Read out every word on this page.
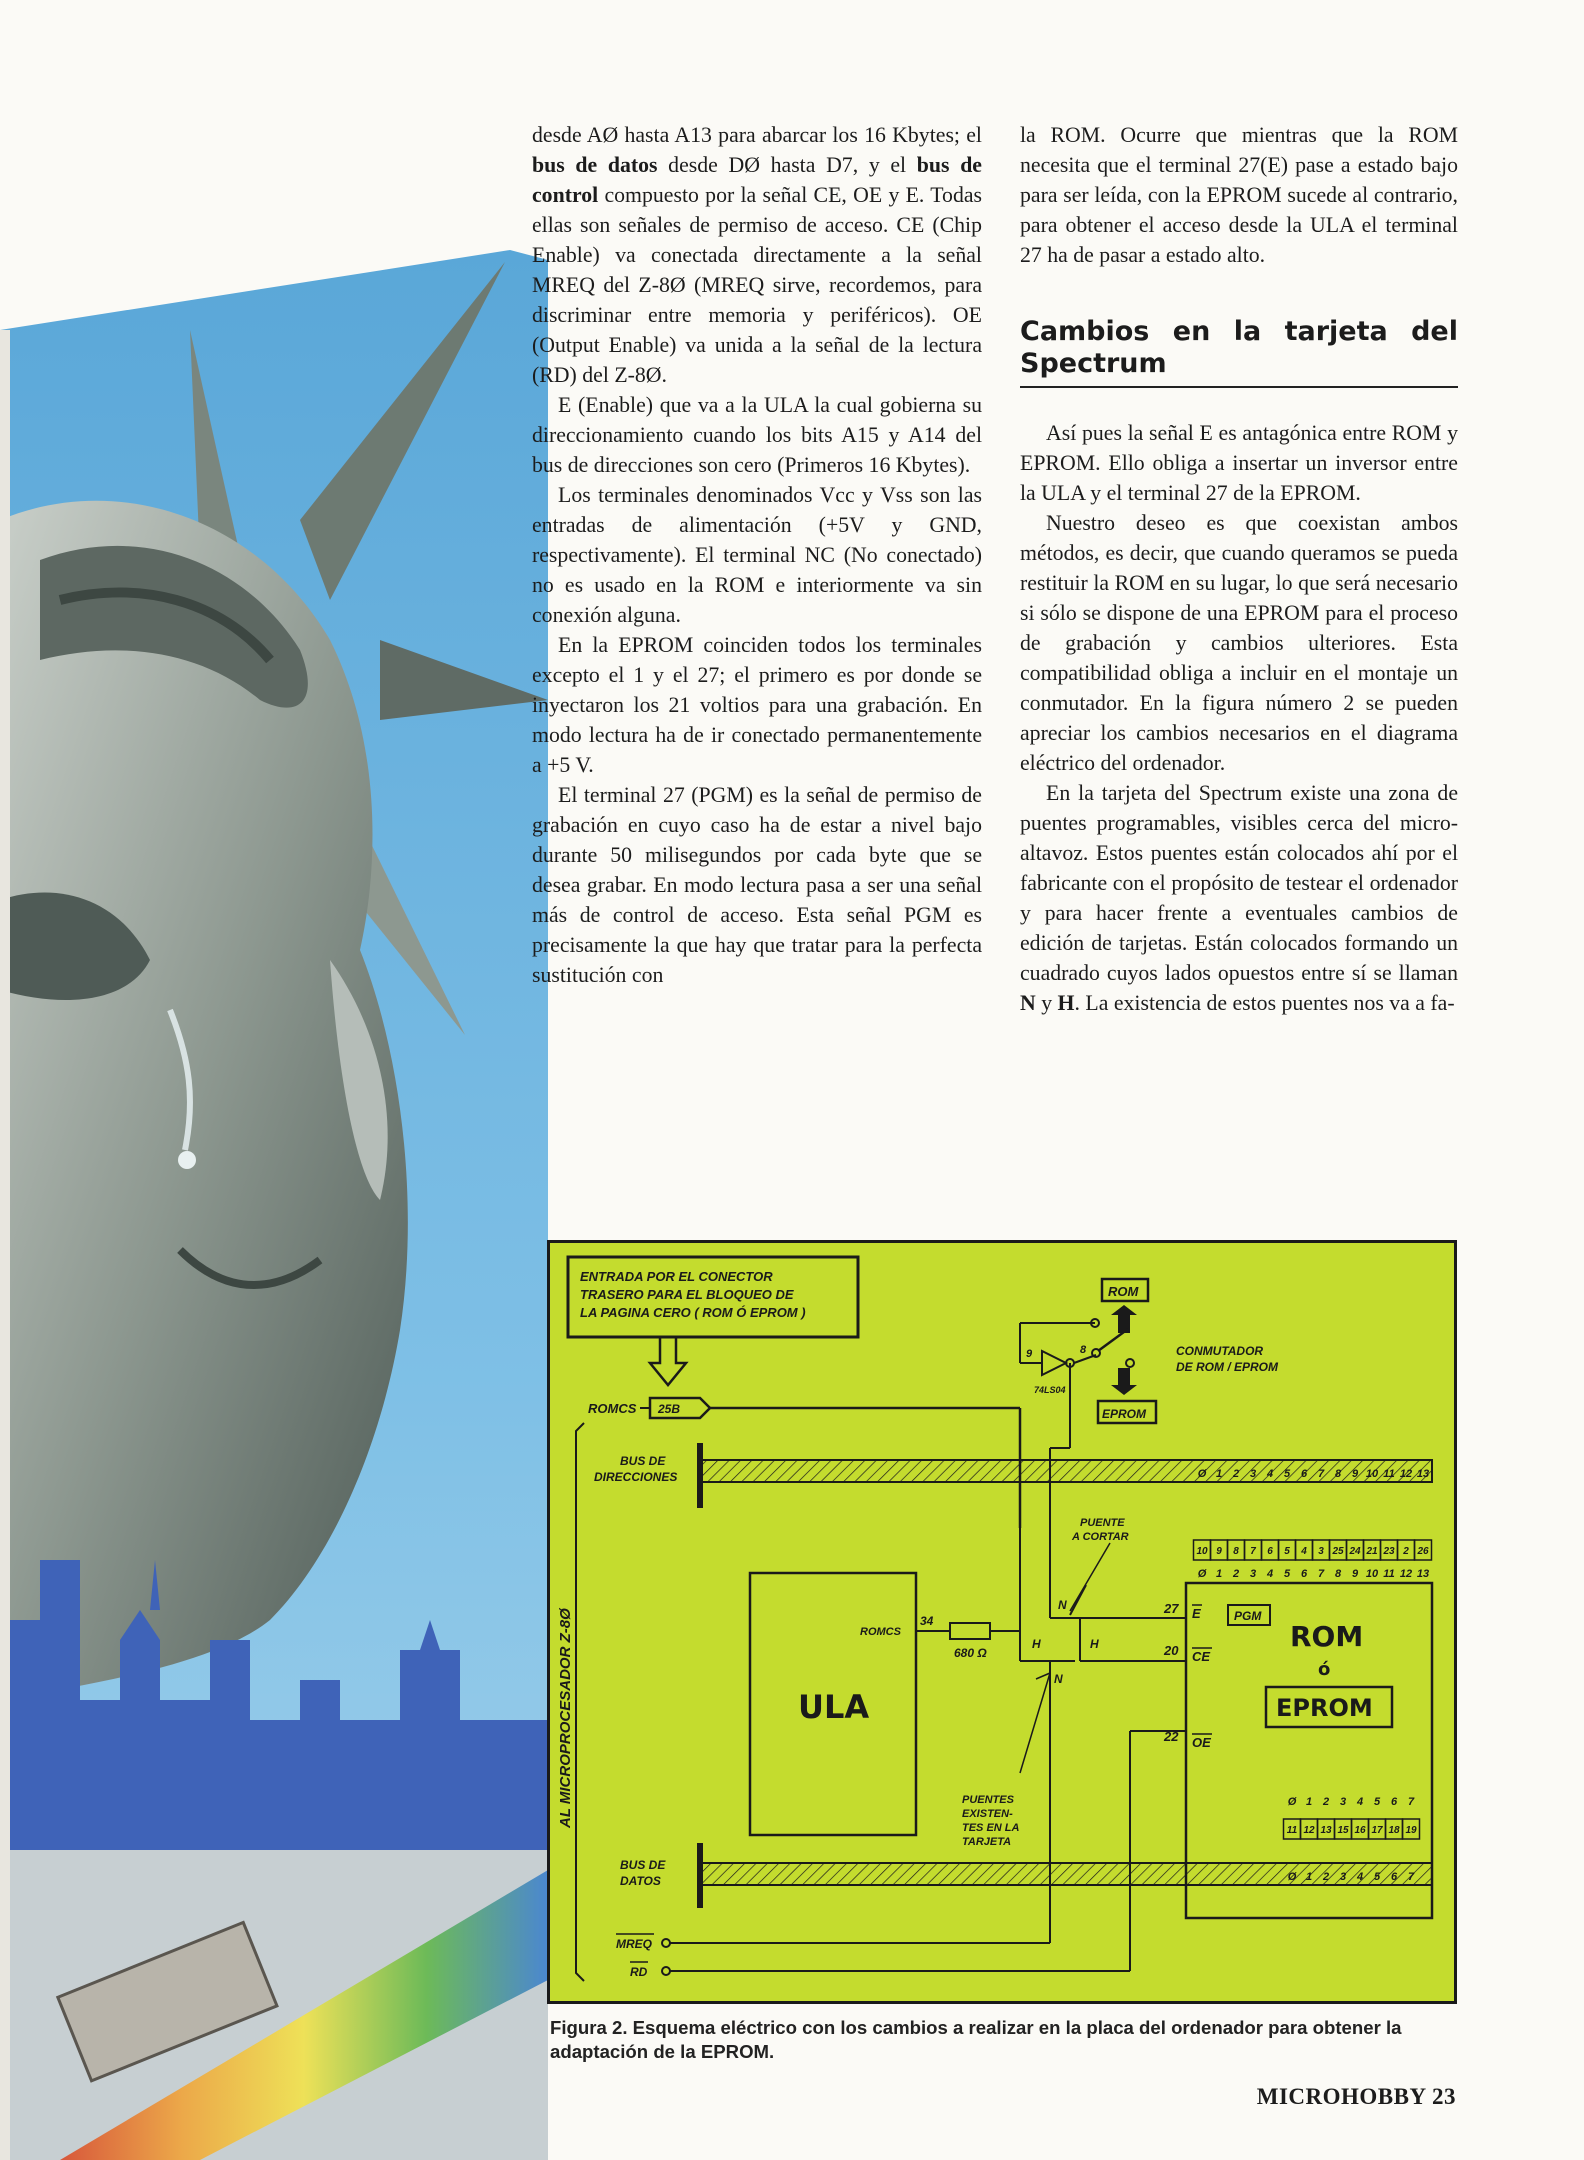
desde AØ hasta A13 para abarcar los 16 Kbytes; el bus de datos desde DØ hasta D7, y el bus de control compuesto por la señal CE, OE y E. Todas ellas son señales de permiso de acceso. CE (Chip Enable) va conectada directamente a la señal MREQ del Z-8Ø (MREQ sirve, recordemos, para discriminar entre memoria y periféricos). OE (Output Enable) va unida a la señal de la lectura (RD) del Z-8Ø.

E (Enable) que va a la ULA la cual gobierna su direccionamiento cuando los bits A15 y A14 del bus de direcciones son cero (Primeros 16 Kbytes).

Los terminales denominados Vcc y Vss son las entradas de alimentación (+5V y GND, respectivamente). El terminal NC (No conectado) no es usado en la ROM e interiormente va sin conexión alguna.

En la EPROM coinciden todos los terminales excepto el 1 y el 27; el primero es por donde se inyectaron los 21 voltios para una grabación. En modo lectura ha de ir conectado permanentemente a +5 V.

El terminal 27 (PGM) es la señal de permiso de grabación en cuyo caso ha de estar a nivel bajo durante 50 milisegundos por cada byte que se desea grabar. En modo lectura pasa a ser una señal más de control de acceso. Esta señal PGM es precisamente la que hay que tratar para la perfecta sustitución con

la ROM. Ocurre que mientras que la ROM necesita que el terminal 27(E) pase a estado bajo para ser leída, con la EPROM sucede al contrario, para obtener el acceso desde la ULA el terminal 27 ha de pasar a estado alto.

Cambios en la tarjeta del Spectrum

Así pues la señal E es antagónica entre ROM y EPROM. Ello obliga a insertar un inversor entre la ULA y el terminal 27 de la EPROM.

Nuestro deseo es que coexistan ambos métodos, es decir, que cuando queramos se pueda restituir la ROM en su lugar, lo que será necesario si sólo se dispone de una EPROM para el proceso de grabación y cambios ulteriores. Esta compatibilidad obliga a incluir en el montaje un conmutador. En la figura número 2 se pueden apreciar los cambios necesarios en el diagrama eléctrico del ordenador.

En la tarjeta del Spectrum existe una zona de puentes programables, visibles cerca del micro-altavoz. Estos puentes están colocados ahí por el fabricante con el propósito de testear el ordenador y para hacer frente a eventuales cambios de edición de tarjetas. Están colocados formando un cuadrado cuyos lados opuestos entre sí se llaman N y H. La existencia de estos puentes nos va a fa-

ENTRADA POR EL CONECTOR
TRASERO PARA EL BLOQUEO DE
LA PAGINA CERO ( ROM Ó EPROM )
ROMCS 25B
ROM
EPROM
CONMUTADOR
DE ROM / EPROM
9	8
74LS04
BUS DE
DIRECCIONES	Ø 1 2 3 4 5 6 7 8 9 10 11 12 13
PUENTE
A CORTAR
10 9 8 7 6 5 4 3 25 24 21 23 2 26
Ø 1 2 3 4 5 6 7 8 9 10 11 12 13
ROM
ó
EPROM
PGM
27
20
22
E
CE
OE
Ø 1 2 3 4 5 6 7
11 12 13 15 16 17 18 19
ULA
ROMCS
34
680 Ω
N
H	H
N
PUENTES
EXISTEN-
TES EN LA
TARJETA
MREQ
RD
BUS DE
DATOS	Ø 1 2 3 4 5 6 7
AL MICROPROCESADOR Z-8Ø
Figura 2. Esquema eléctrico con los cambios a realizar en la placa del ordenador para obtener la adaptación de la EPROM.
MICROHOBBY 23
